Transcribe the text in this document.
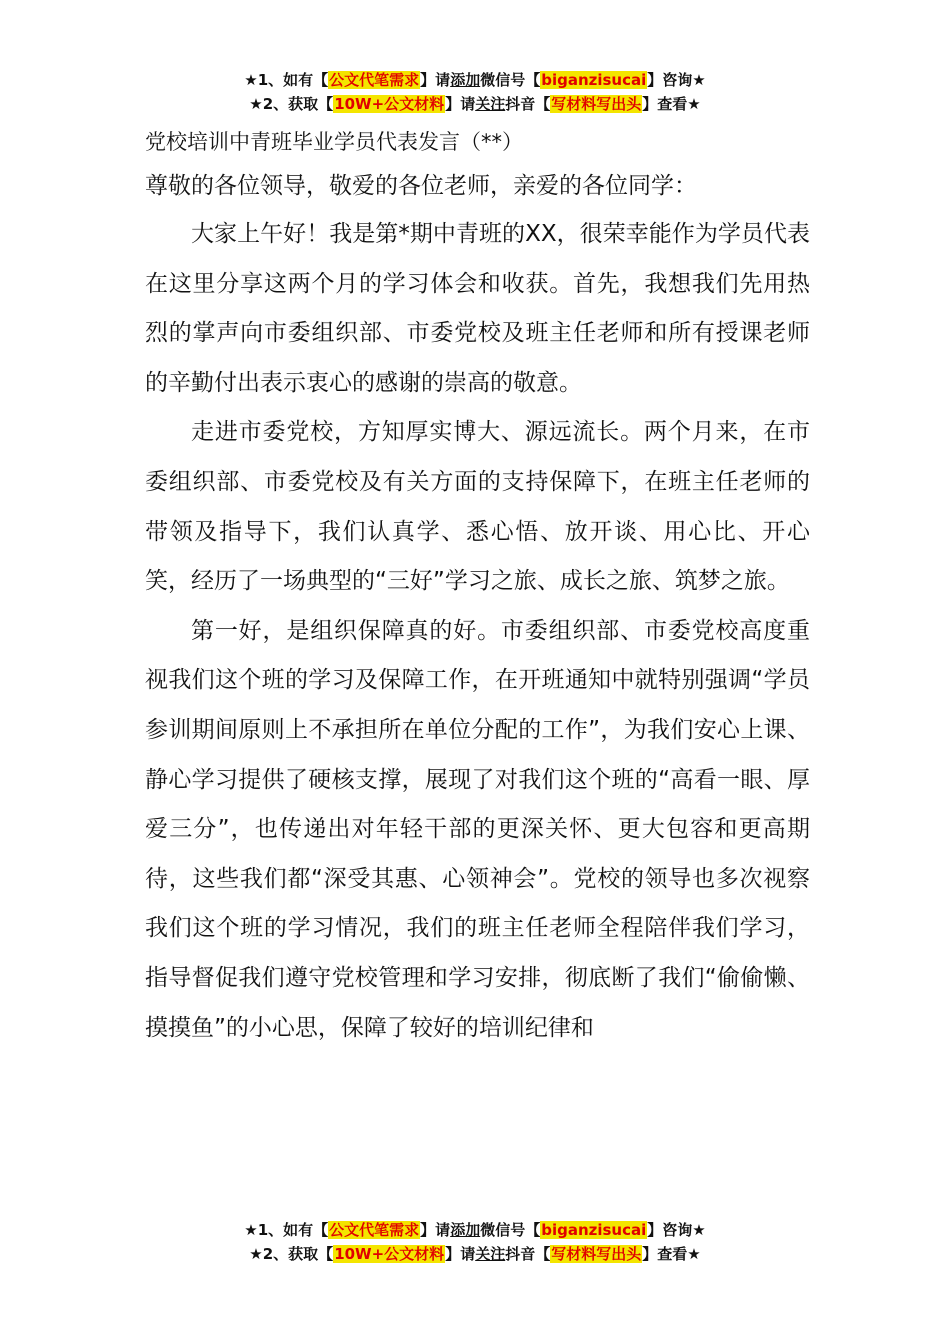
★1、如有【公文代笔需求】请添加微信号【biganzisucai】咨询★
★2、获取【10W+公文材料】请关注抖音【写材料写出头】查看★

党校培训中青班毕业学员代表发言（**）

尊敬的各位领导，敬爱的各位老师，亲爱的各位同学：

大家上午好！我是第*期中青班的XX，很荣幸能作为学员代表在这里分享这两个月的学习体会和收获。首先，我想我们先用热烈的掌声向市委组织部、市委党校及班主任老师和所有授课老师的辛勤付出表示衷心的感谢的崇高的敬意。

走进市委党校，方知厚实博大、源远流长。两个月来，在市委组织部、市委党校及有关方面的支持保障下，在班主任老师的带领及指导下，我们认真学、悉心悟、放开谈、用心比、开心笑，经历了一场典型的“三好”学习之旅、成长之旅、筑梦之旅。

第一好，是组织保障真的好。市委组织部、市委党校高度重视我们这个班的学习及保障工作，在开班通知中就特别强调“学员参训期间原则上不承担所在单位分配的工作”，为我们安心上课、静心学习提供了硬核支撑，展现了对我们这个班的“高看一眼、厚爱三分”，也传递出对年轻干部的更深关怀、更大包容和更高期待，这些我们都“深受其惠、心领神会”。党校的领导也多次视察我们这个班的学习情况，我们的班主任老师全程陪伴我们学习，指导督促我们遵守党校管理和学习安排，彻底断了我们“偷偷懒、摸摸鱼”的小心思，保障了较好的培训纪律和

★1、如有【公文代笔需求】请添加微信号【biganzisucai】咨询★
★2、获取【10W+公文材料】请关注抖音【写材料写出头】查看★
